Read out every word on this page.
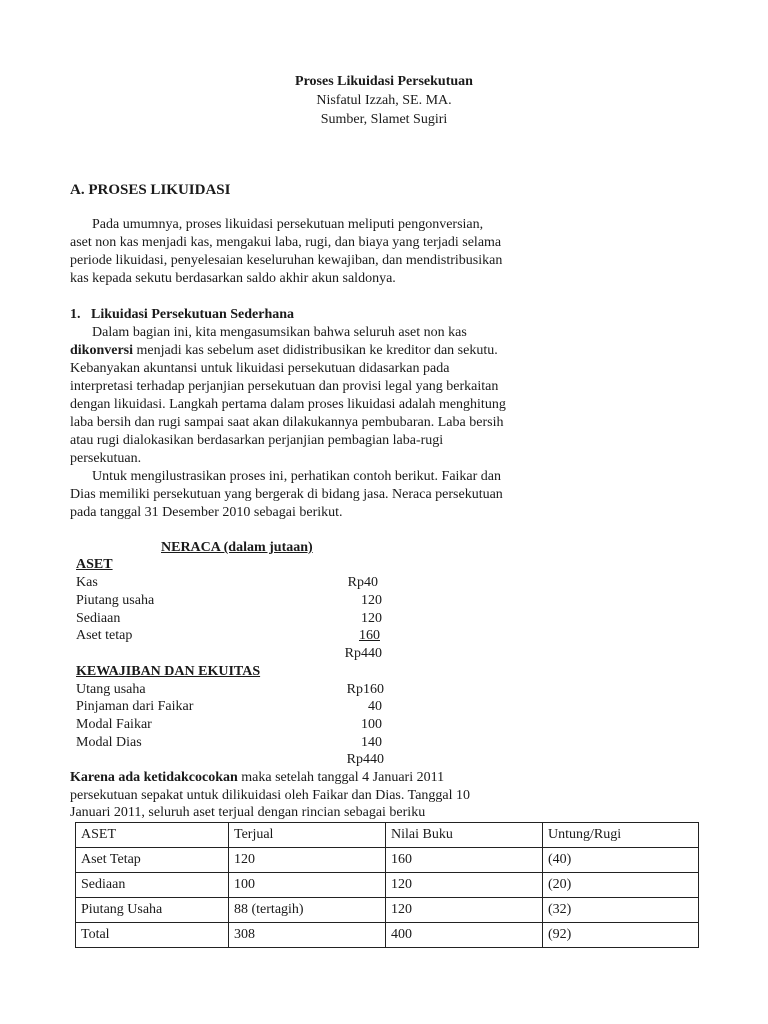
Proses Likuidasi Persekutuan
Nisfatul Izzah, SE. MA.
Sumber, Slamet Sugiri
A. PROSES LIKUIDASI
Pada umumnya, proses likuidasi persekutuan meliputi pengonversian,
aset non kas menjadi kas, mengakui laba, rugi, dan biaya yang terjadi selama
periode likuidasi, penyelesaian keseluruhan kewajiban, dan mendistribusikan
kas kepada sekutu berdasarkan saldo akhir akun saldonya.
1. Likuidasi Persekutuan Sederhana
Dalam bagian ini, kita mengasumsikan bahwa seluruh aset non kas
dikonversi menjadi kas sebelum aset didistribusikan ke kreditor dan sekutu.
Kebanyakan akuntansi untuk likuidasi persekutuan didasarkan pada
interpretasi terhadap perjanjian persekutuan dan provisi legal yang berkaitan
dengan likuidasi. Langkah pertama dalam proses likuidasi adalah menghitung
laba bersih dan rugi sampai saat akan dilakukannya pembubaran. Laba bersih
atau rugi dialokasikan berdasarkan perjanjian pembagian laba-rugi
persekutuan.
Untuk mengilustrasikan proses ini, perhatikan contoh berikut. Faikar dan
Dias memiliki persekutuan yang bergerak di bidang jasa. Neraca persekutuan
pada tanggal 31 Desember 2010 sebagai berikut.
NERACA (dalam jutaan)
ASET
Kas	Rp40
Piutang usaha	120
Sediaan	120
Aset tetap	160
Rp440
KEWAJIBAN DAN EKUITAS
Utang usaha	Rp160
Pinjaman dari Faikar	40
Modal Faikar	100
Modal Dias	140
Rp440
Karena ada ketidakcocokan maka setelah tanggal 4 Januari 2011
persekutuan sepakat untuk dilikuidasi oleh Faikar dan Dias. Tanggal 10
Januari 2011, seluruh aset terjual dengan rincian sebagai beriku
ASET	Terjual	Nilai Buku	Untung/Rugi
Aset Tetap	120	160	(40)
Sediaan	100	120	(20)
Piutang Usaha	88 (tertagih)	120	(32)
Total	308	400	(92)
